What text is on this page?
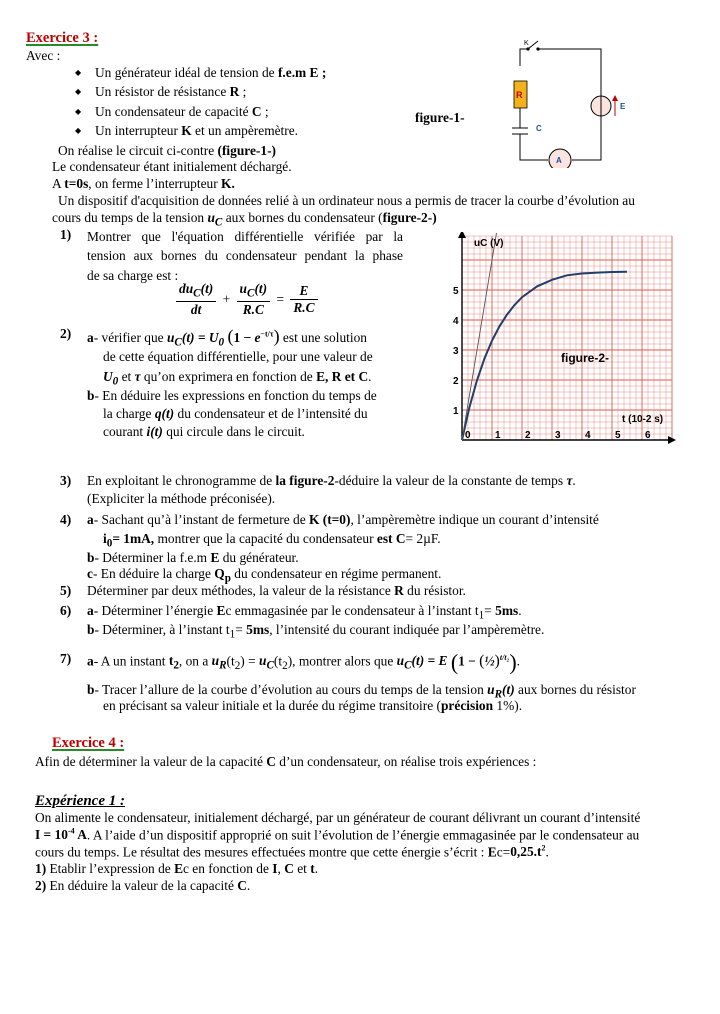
Exercice 3 :
Avec :
◆ Un générateur idéal de tension de f.e.m E ;
◆ Un résistor de résistance R ;
◆ Un condensateur de capacité C ;
◆ Un interrupteur K et un ampèremètre.
On réalise le circuit ci-contre (figure-1-)
Le condensateur étant initialement déchargé.
A t=0s, on ferme l’interrupteur K.
Un dispositif d'acquisition de données relié à un ordinateur nous a permis de tracer la courbe d’évolution au
cours du temps de la tension $u_C$ aux bornes du condensateur (figure-2-)
figure-1-
K
R
C
E
A
1) Montrer que l'équation différentielle vérifiée par la
tension aux bornes du condensateur pendant la phase
de sa charge est :
$\frac{du_C(t)}{dt} + \frac{u_C(t)}{R.C} = \frac{E}{R.C}$
2) a- vérifier que $u_C(t) = U_0$ $(1 - e^{-t/\tau})$ est une solution
de cette équation différentielle, pour une valeur de
$U_0$ et τ qu’on exprimera en fonction de E, R et C.
b- En déduire les expressions en fonction du temps de
la charge q(t) du condensateur et de l’intensité du
courant i(t) qui circule dans le circuit.	0 1 2 3 4 5 6
1
2
3
4
5
uC (V)
t (10-2 s)
figure-2-
3) En exploitant le chronogramme de la figure-2-déduire la valeur de la constante de temps τ.
(Expliciter la méthode préconisée).
4) a- Sachant qu’à l’instant de fermeture de K (t=0), l’ampèremètre indique un courant d’intensité
$i_0= 1mA$, montrer que la capacité du condensateur est C= 2µF.
b- Déterminer la f.e.m E du générateur.
c- En déduire la charge $Q_p$ du condensateur en régime permanent.
5) Déterminer par deux méthodes, la valeur de la résistance R du résistor.
6) a- Déterminer l’énergie Ec emmagasinée par le condensateur à l’instant $t_1= 5ms$.
b- Déterminer, à l’instant $t_1= 5ms$, l’intensité du courant indiquée par l’ampèremètre.
7) a- A un instant $t_2$, on a $u_R(t_2) = u_C(t_2)$, montrer alors que $u_C(t) = E$ (1 − (½)$^{t/t_2}$).
b- Tracer l’allure de la courbe d’évolution au cours du temps de la tension $u_R(t)$ aux bornes du résistor
en précisant sa valeur initiale et la durée du régime transitoire (précision 1%).
Exercice 4 :
Afin de déterminer la valeur de la capacité C d’un condensateur, on réalise trois expériences :
Expérience 1 :
On alimente le condensateur, initialement déchargé, par un générateur de courant délivrant un courant d’intensité
$I = 10^{-4}$ A. A l’aide d’un dispositif approprié on suit l’évolution de l’énergie emmagasinée par le condensateur au
cours du temps. Le résultat des mesures effectuées montre que cette énergie s’écrit : $Ec=0,25.t^2$.
1) Etablir l’expression de Ec en fonction de I, C et t.
2) En déduire la valeur de la capacité C.
